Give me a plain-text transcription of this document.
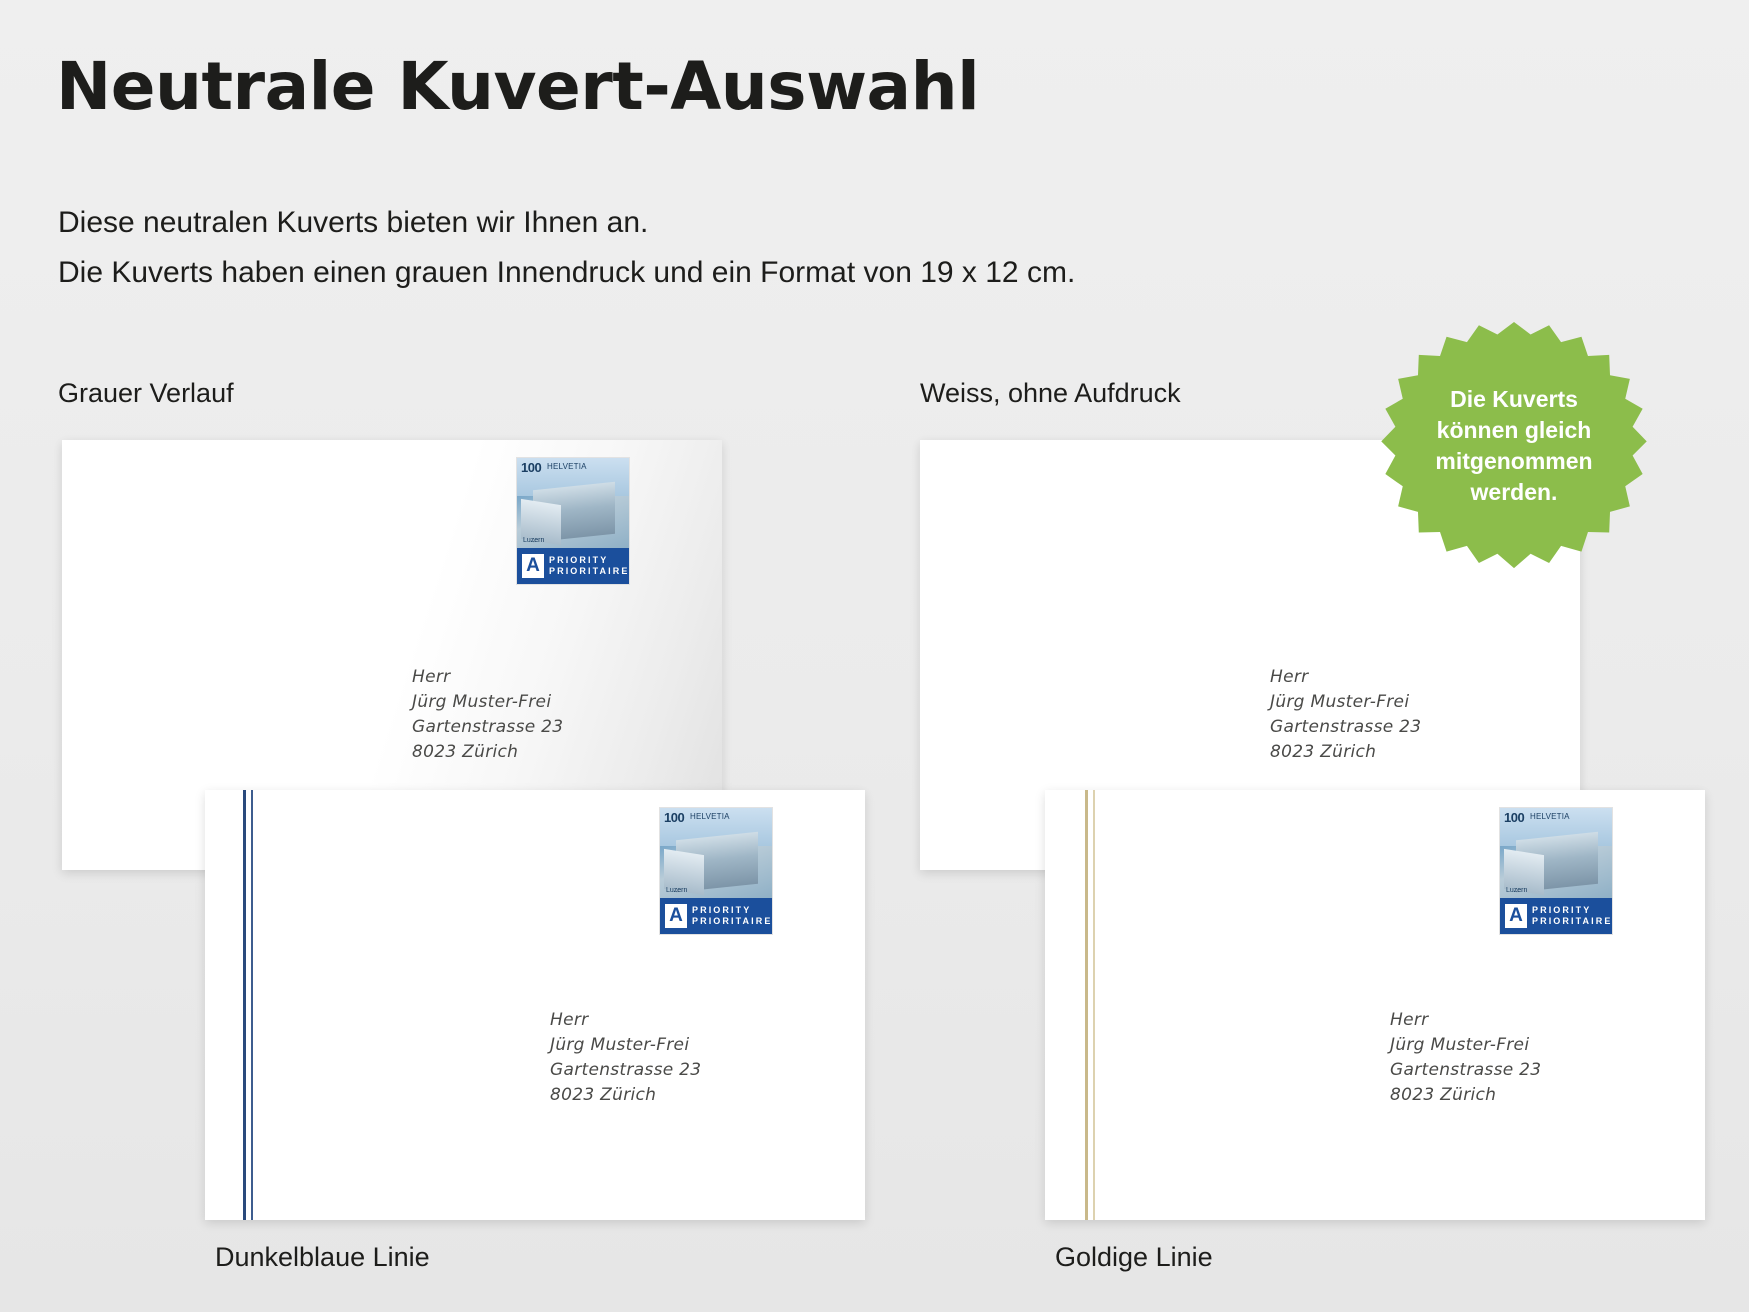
Neutrale Kuvert-Auswahl
Diese neutralen Kuverts bieten wir Ihnen an.
Die Kuverts haben einen grauen Innendruck und ein Format von 19 x 12 cm.
Grauer Verlauf	Weiss, ohne Aufdruck
Dunkelblaue Linie	Goldige Linie
100 HELVETIA
Luzern
A	PRIORITY
PRIORITAIRE
Herr
Jürg Muster-Frei
Gartenstrasse 23
8023 Zürich
Herr
Jürg Muster-Frei
Gartenstrasse 23
8023 Zürich
100 HELVETIA
Luzern
A	PRIORITY
PRIORITAIRE
Herr
Jürg Muster-Frei
Gartenstrasse 23
8023 Zürich
100 HELVETIA
Luzern
A	PRIORITY
PRIORITAIRE
Herr
Jürg Muster-Frei
Gartenstrasse 23
8023 Zürich
Die Kuverts können gleich mitgenommen werden.
